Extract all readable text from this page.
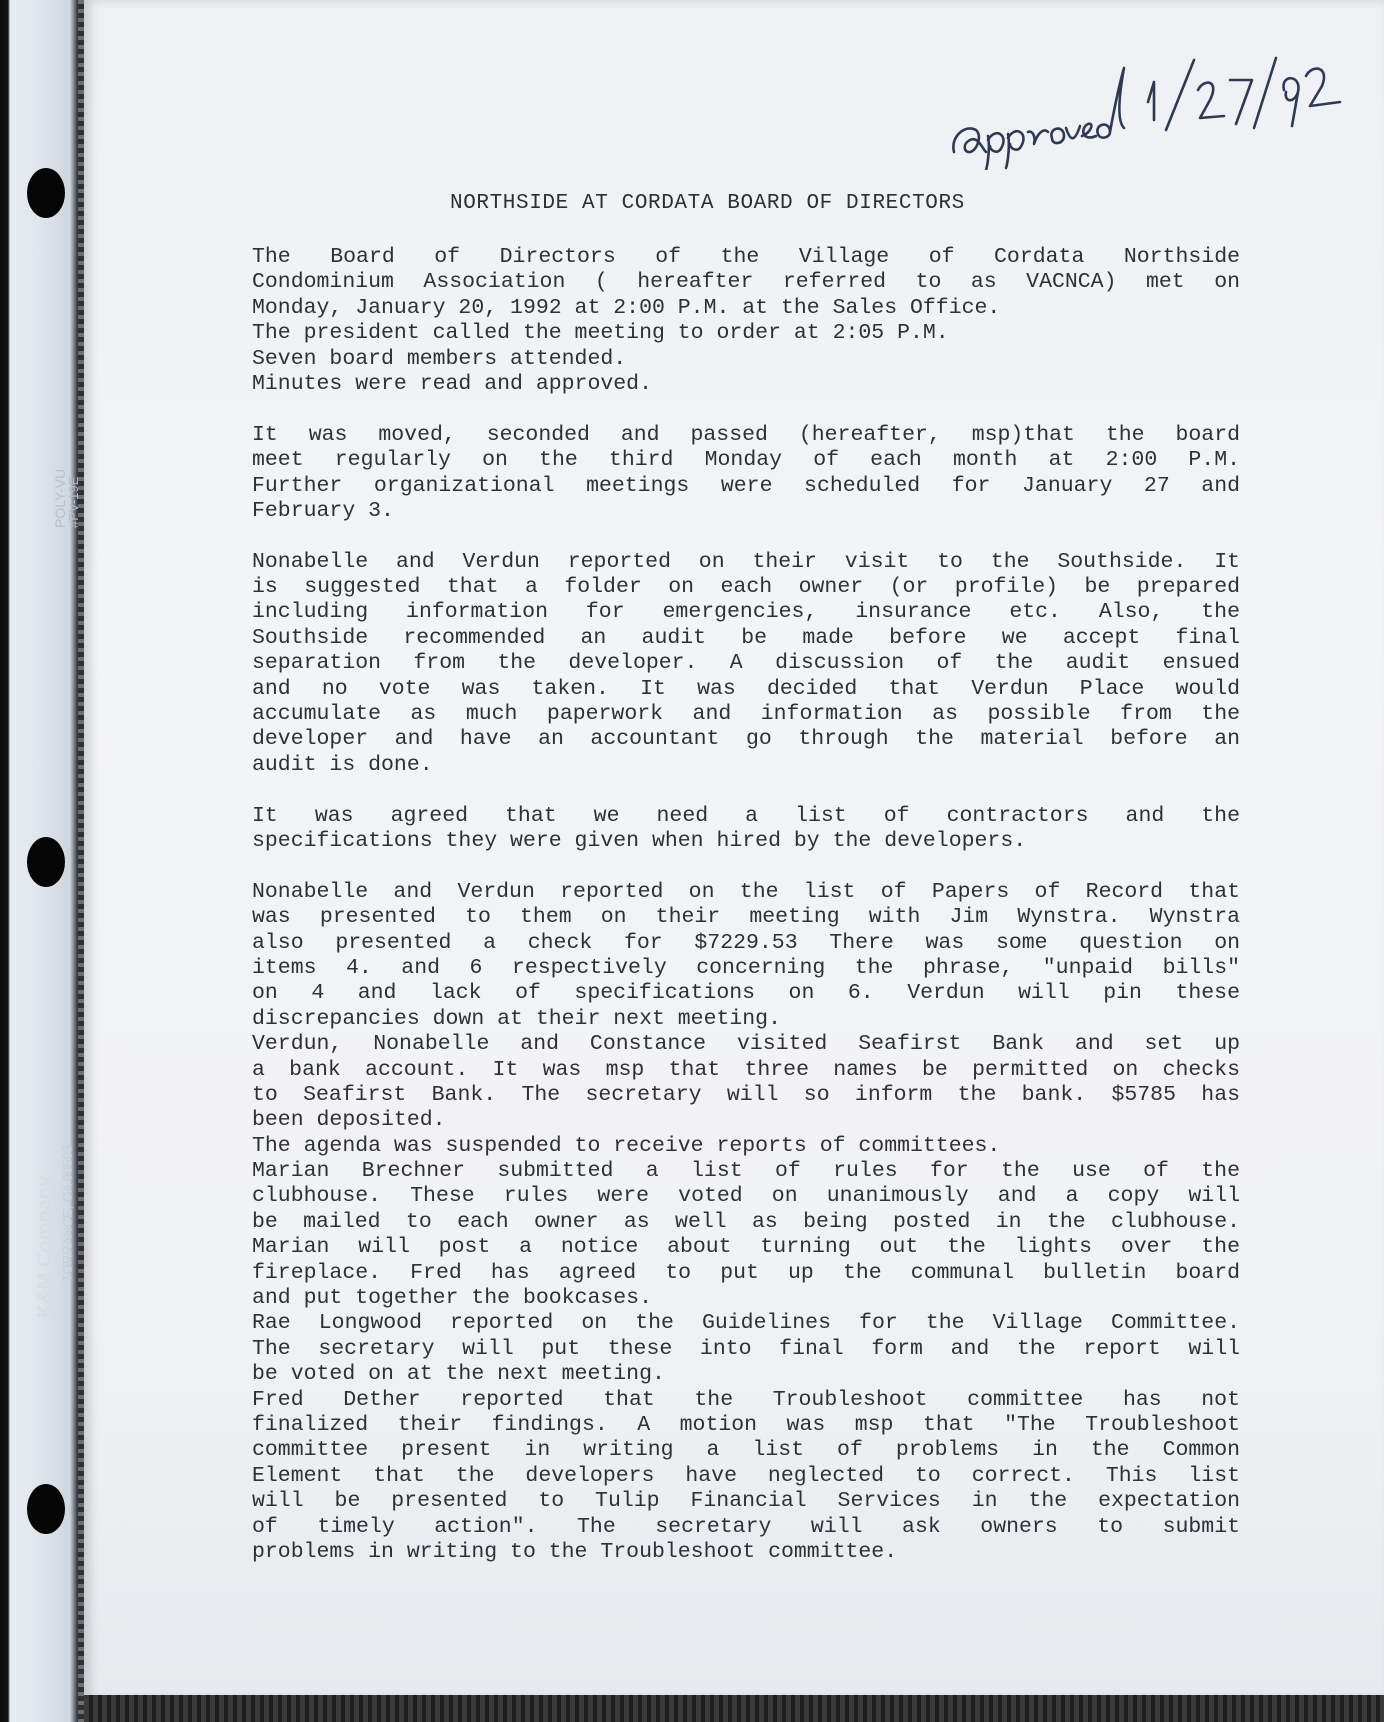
POLY-VU
#PV-19E
K&M Company TORRANCE, CA 90503
NORTHSIDE AT CORDATA BOARD OF DIRECTORS
The Board of Directors of the Village of Cordata Northside
Condominium Association ( hereafter referred to as VACNCA) met on
Monday, January 20, 1992 at 2:00 P.M. at the Sales Office.
The president called the meeting to order at 2:05 P.M.
Seven board members attended.
Minutes were read and approved.
It was moved, seconded and passed (hereafter, msp)that the board
meet regularly on the third Monday of each month at 2:00 P.M.
Further organizational meetings were scheduled for January 27 and
February 3.
Nonabelle and Verdun reported on their visit to the Southside. It
is suggested that a folder on each owner (or profile) be prepared
including information for emergencies, insurance etc. Also, the
Southside recommended an audit be made before we accept final
separation from the developer. A discussion of the audit ensued
and no vote was taken. It was decided that Verdun Place would
accumulate as much paperwork and information as possible from the
developer and have an accountant go through the material before an
audit is done.
It was agreed that we need a list of contractors and the
specifications they were given when hired by the developers.
Nonabelle and Verdun reported on the list of Papers of Record that
was presented to them on their meeting with Jim Wynstra. Wynstra
also presented a check for $7229.53 There was some question on
items 4. and 6 respectively concerning the phrase, "unpaid bills"
on 4 and lack of specifications on 6. Verdun will pin these
discrepancies down at their next meeting.
Verdun, Nonabelle and Constance visited Seafirst Bank and set up
a bank account. It was msp that three names be permitted on checks
to Seafirst Bank. The secretary will so inform the bank. $5785 has
been deposited.
The agenda was suspended to receive reports of committees.
Marian Brechner submitted a list of rules for the use of the
clubhouse. These rules were voted on unanimously and a copy will
be mailed to each owner as well as being posted in the clubhouse.
Marian will post a notice about turning out the lights over the
fireplace. Fred has agreed to put up the communal bulletin board
and put together the bookcases.
Rae Longwood reported on the Guidelines for the Village Committee.
The secretary will put these into final form and the report will
be voted on at the next meeting.
Fred Dether reported that the Troubleshoot committee has not
finalized their findings. A motion was msp that "The Troubleshoot
committee present in writing a list of problems in the Common
Element that the developers have neglected to correct. This list
will be presented to Tulip Financial Services in the expectation
of timely action". The secretary will ask owners to submit
problems in writing to the Troubleshoot committee.
